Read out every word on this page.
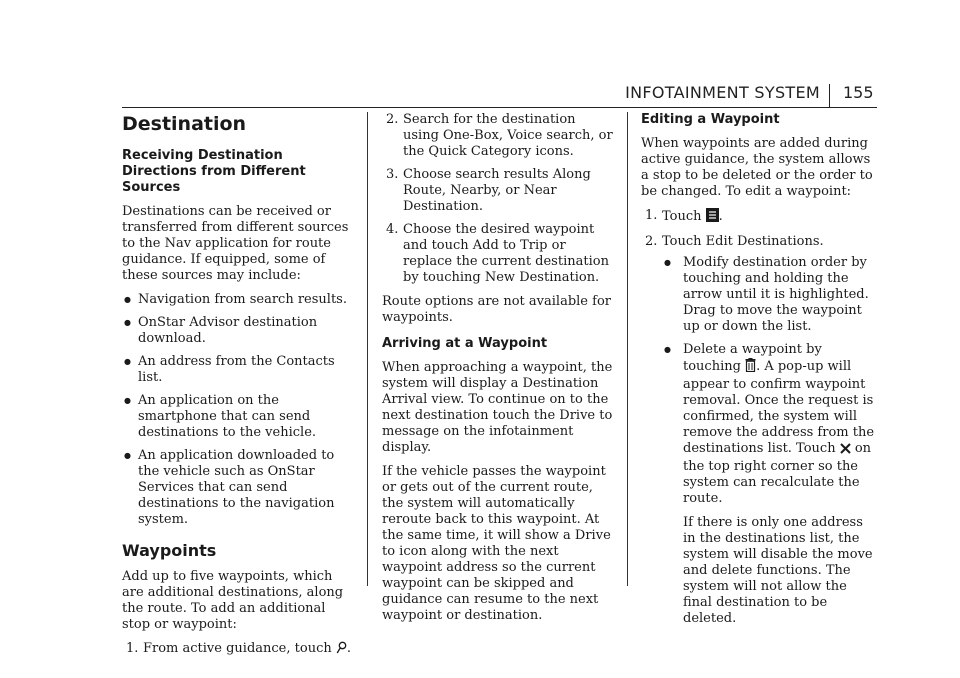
INFOTAINMENT SYSTEM 155
Destination
Receiving Destination Directions from Different Sources

Destinations can be received or transferred from different sources to the Nav application for route guidance. If equipped, some of these sources may include:

● Navigation from search results.
● OnStar Advisor destination download.
● An address from the Contacts list.
● An application on the smartphone that can send destinations to the vehicle.
● An application downloaded to the vehicle such as OnStar Services that can send destinations to the navigation system.
Waypoints

Add up to five waypoints, which are additional destinations, along the route. To add an additional stop or waypoint:

1. From active guidance, touch .
2. Search for the destination using One-Box, Voice search, or the Quick Category icons.
3. Choose search results Along Route, Nearby, or Near Destination.
4. Choose the desired waypoint and touch Add to Trip or replace the current destination by touching New Destination.

Route options are not available for waypoints.

Arriving at a Waypoint

When approaching a waypoint, the system will display a Destination Arrival view. To continue on to the next destination touch the Drive to message on the infotainment display.

If the vehicle passes the waypoint or gets out of the current route, the system will automatically reroute back to this waypoint. At the same time, it will show a Drive to icon along with the next waypoint address so the current waypoint can be skipped and guidance can resume to the next waypoint or destination.

Editing a Waypoint

When waypoints are added during active guidance, the system allows a stop to be deleted or the order to be changed. To edit a waypoint:

1. Touch .
2. Touch Edit Destinations.
● Modify destination order by touching and holding the arrow until it is highlighted. Drag to move the waypoint up or down the list.
● Delete a waypoint by touching . A pop-up will appear to confirm waypoint removal. Once the request is confirmed, the system will remove the address from the destinations list. Touch  on the top right corner so the system can recalculate the route.

If there is only one address in the destinations list, the system will disable the move and delete functions. The system will not allow the final destination to be deleted.
